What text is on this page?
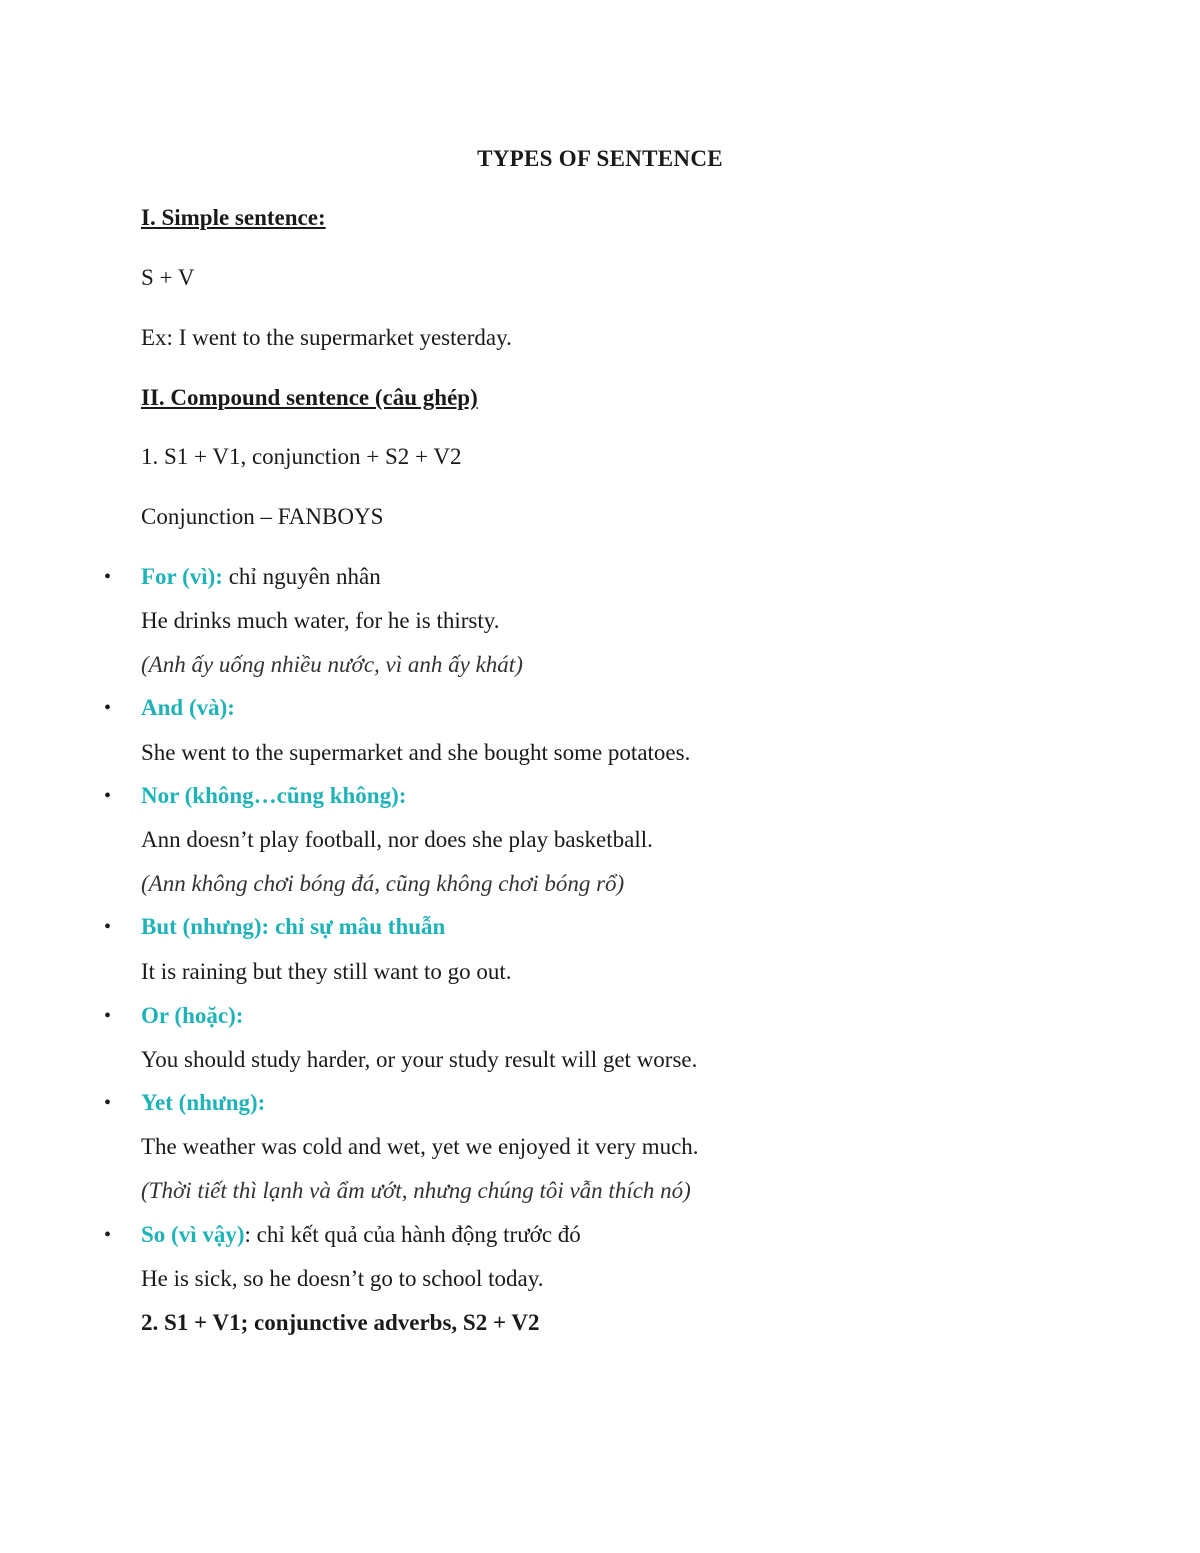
TYPES OF SENTENCE
I. Simple sentence:
S + V
Ex: I went to the supermarket yesterday.
II. Compound sentence (câu ghép)
1. S1 + V1, conjunction + S2 + V2
Conjunction – FANBOYS
• For (vì): chỉ nguyên nhân
He drinks much water, for he is thirsty.
(Anh ấy uống nhiều nước, vì anh ấy khát)
• And (và):
She went to the supermarket and she bought some potatoes.
• Nor (không…cũng không):
Ann doesn’t play football, nor does she play basketball.
(Ann không chơi bóng đá, cũng không chơi bóng rổ)
• But (nhưng): chỉ sự mâu thuẫn
It is raining but they still want to go out.
• Or (hoặc):
You should study harder, or your study result will get worse.
• Yet (nhưng):
The weather was cold and wet, yet we enjoyed it very much.
(Thời tiết thì lạnh và ẩm ướt, nhưng chúng tôi vẫn thích nó)
• So (vì vậy): chỉ kết quả của hành động trước đó
He is sick, so he doesn’t go to school today.
2. S1 + V1; conjunctive adverbs, S2 + V2
